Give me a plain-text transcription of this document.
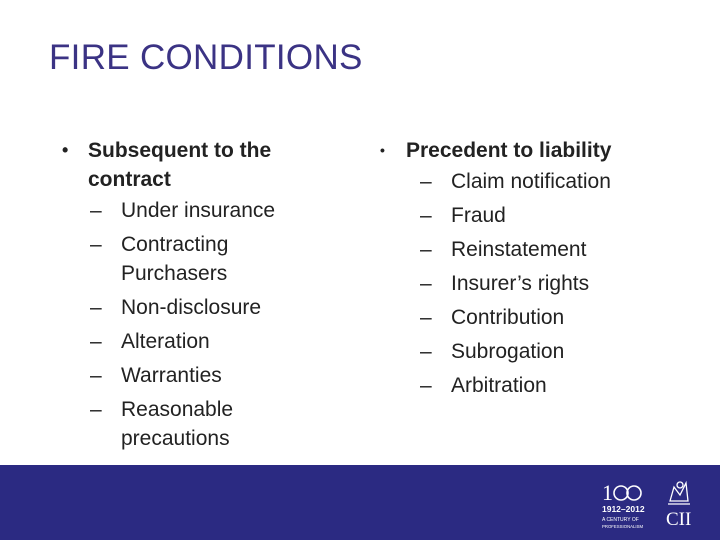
FIRE CONDITIONS
• Subsequent to the contract
– Under insurance
– Contracting Purchasers
– Non-disclosure
– Alteration
– Warranties
– Reasonable precautions
•	Precedent to liability
– Claim notification
– Fraud
– Reinstatement
– Insurer’s rights
– Contribution
– Subrogation
– Arbitration
1
1912–2012
A CENTURY OF
PROFESSIONALISM CII
